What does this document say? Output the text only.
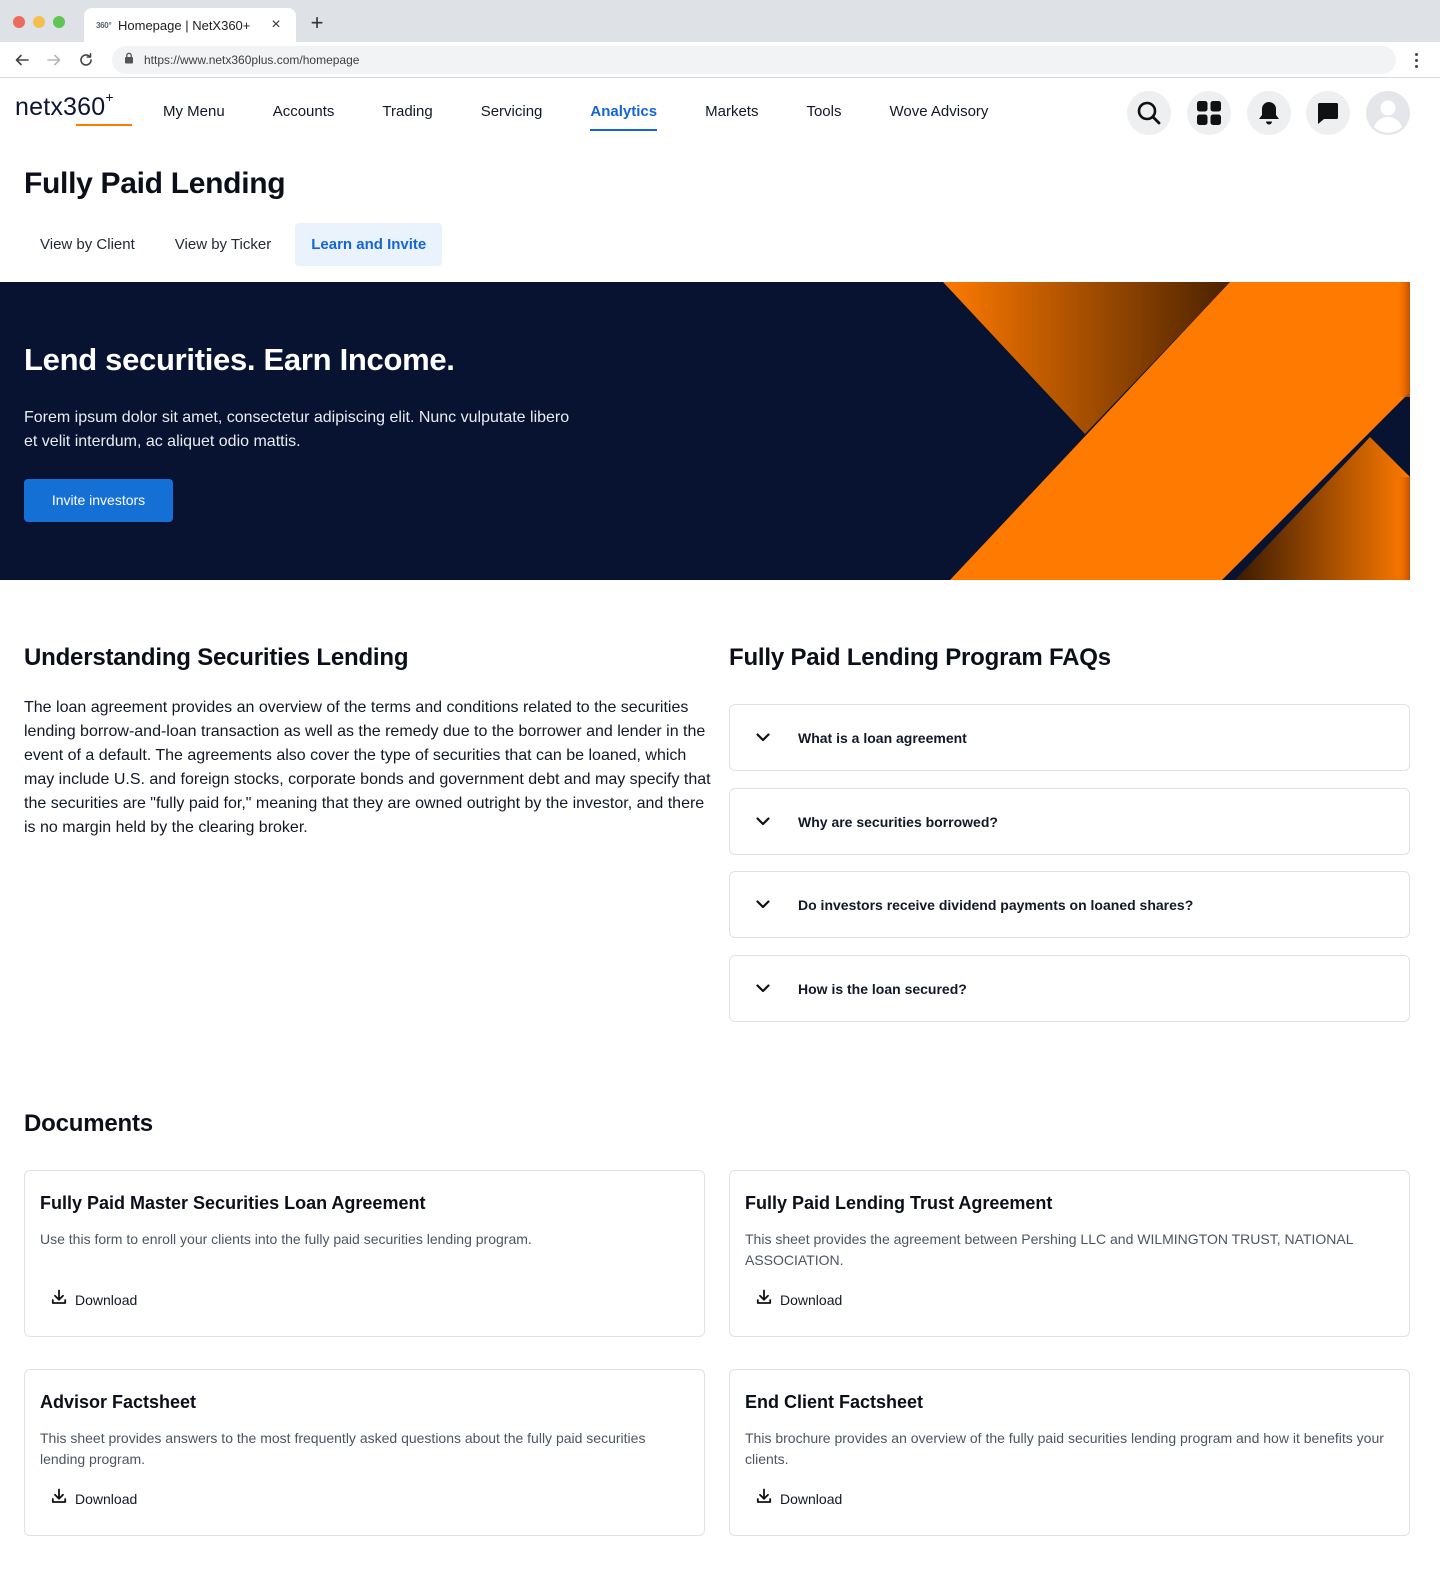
360° Homepage | NetX360+	× +
https://www.netx360plus.com/homepage
netx360+
My Menu	Accounts	Trading	Servicing	Analytics	Markets	Tools	Wove Advisory
Fully Paid Lending
View by Client	View by Ticker	Learn and Invite
Lend securities. Earn Income.

Forem ipsum dolor sit amet, consectetur adipiscing elit. Nunc vulputate libero et velit interdum, ac aliquet odio mattis.

Invite investors
Understanding Securities Lending

The loan agreement provides an overview of the terms and conditions related to the securities lending borrow-and-loan transaction as well as the remedy due to the borrower and lender in the event of a default. The agreements also cover the type of securities that can be loaned, which may include U.S. and foreign stocks, corporate bonds and government debt and may specify that the securities are "fully paid for," meaning that they are owned outright by the investor, and there is no margin held by the clearing broker.

Fully Paid Lending Program FAQs
What is a loan agreement
Why are securities borrowed?
Do investors receive dividend payments on loaned shares?
How is the loan secured?
Documents
Fully Paid Master Securities Loan Agreement

Use this form to enroll your clients into the fully paid securities lending program.

Download
Fully Paid Lending Trust Agreement

This sheet provides the agreement between Pershing LLC and WILMINGTON TRUST, NATIONAL ASSOCIATION.

Download
Advisor Factsheet

This sheet provides answers to the most frequently asked questions about the fully paid securities lending program.

Download
End Client Factsheet

This brochure provides an overview of the fully paid securities lending program and how it benefits your clients.

Download
